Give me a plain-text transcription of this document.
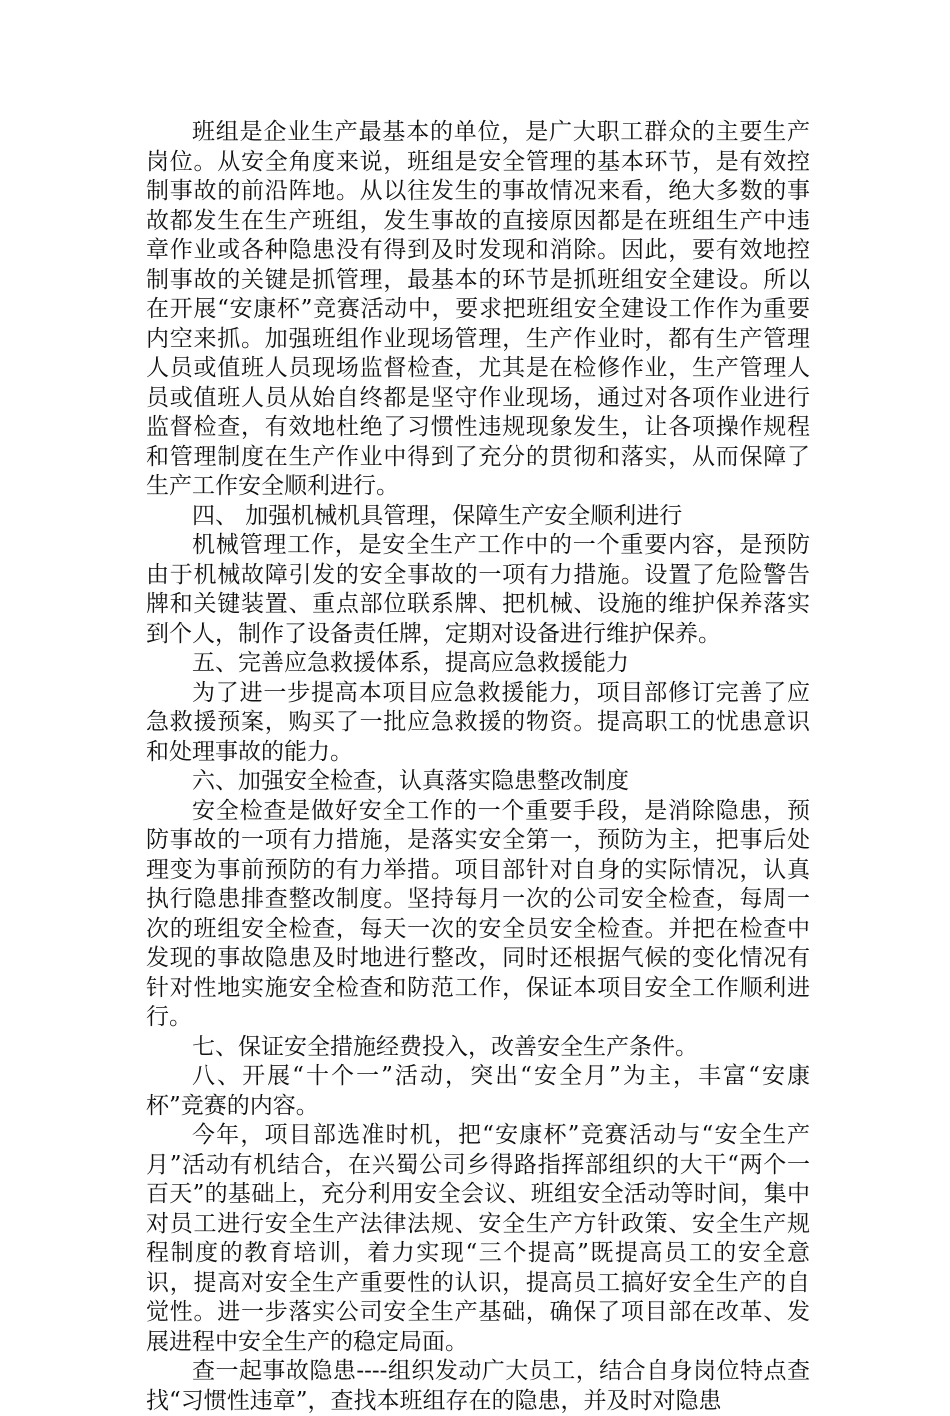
班组是企业生产最基本的单位，是广大职工群众的主要生产岗位。从安全角度来说，班组是安全管理的基本环节，是有效控制事故的前沿阵地。从以往发生的事故情况来看，绝大多数的事故都发生在生产班组，发生事故的直接原因都是在班组生产中违章作业或各种隐患没有得到及时发现和消除。因此，要有效地控制事故的关键是抓管理，最基本的环节是抓班组安全建设。所以在开展“安康杯”竞赛活动中，要求把班组安全建设工作作为重要内空来抓。加强班组作业现场管理，生产作业时，都有生产管理人员或值班人员现场监督检查，尤其是在检修作业，生产管理人员或值班人员从始自终都是坚守作业现场，通过对各项作业进行监督检查，有效地杜绝了习惯性违规现象发生，让各项操作规程和管理制度在生产作业中得到了充分的贯彻和落实，从而保障了生产工作安全顺利进行。

四、 加强机械机具管理，保障生产安全顺利进行

机械管理工作，是安全生产工作中的一个重要内容，是预防由于机械故障引发的安全事故的一项有力措施。设置了危险警告牌和关键装置、重点部位联系牌、把机械、设施的维护保养落实到个人，制作了设备责任牌，定期对设备进行维护保养。

五、完善应急救援体系，提高应急救援能力

为了进一步提高本项目应急救援能力，项目部修订完善了应急救援预案，购买了一批应急救援的物资。提高职工的忧患意识和处理事故的能力。

六、加强安全检查，认真落实隐患整改制度

安全检查是做好安全工作的一个重要手段，是消除隐患，预防事故的一项有力措施，是落实安全第一，预防为主，把事后处理变为事前预防的有力举措。项目部针对自身的实际情况，认真执行隐患排查整改制度。坚持每月一次的公司安全检查，每周一次的班组安全检查，每天一次的安全员安全检查。并把在检查中发现的事故隐患及时地进行整改，同时还根据气候的变化情况有针对性地实施安全检查和防范工作，保证本项目安全工作顺利进行。

七、保证安全措施经费投入，改善安全生产条件。

八、开展“十个一”活动，突出“安全月”为主，丰富“安康杯”竞赛的内容。

今年，项目部选准时机，把“安康杯”竞赛活动与“安全生产月”活动有机结合，在兴蜀公司乡得路指挥部组织的大干“两个一百天”的基础上，充分利用安全会议、班组安全活动等时间，集中对员工进行安全生产法律法规、安全生产方针政策、安全生产规程制度的教育培训，着力实现“三个提高”既提高员工的安全意识，提高对安全生产重要性的认识，提高员工搞好安全生产的自觉性。进一步落实公司安全生产基础，确保了项目部在改革、发展进程中安全生产的稳定局面。

查一起事故隐患----组织发动广大员工，结合自身岗位特点查找“习惯性违章”，查找本班组存在的隐患，并及时对隐患
